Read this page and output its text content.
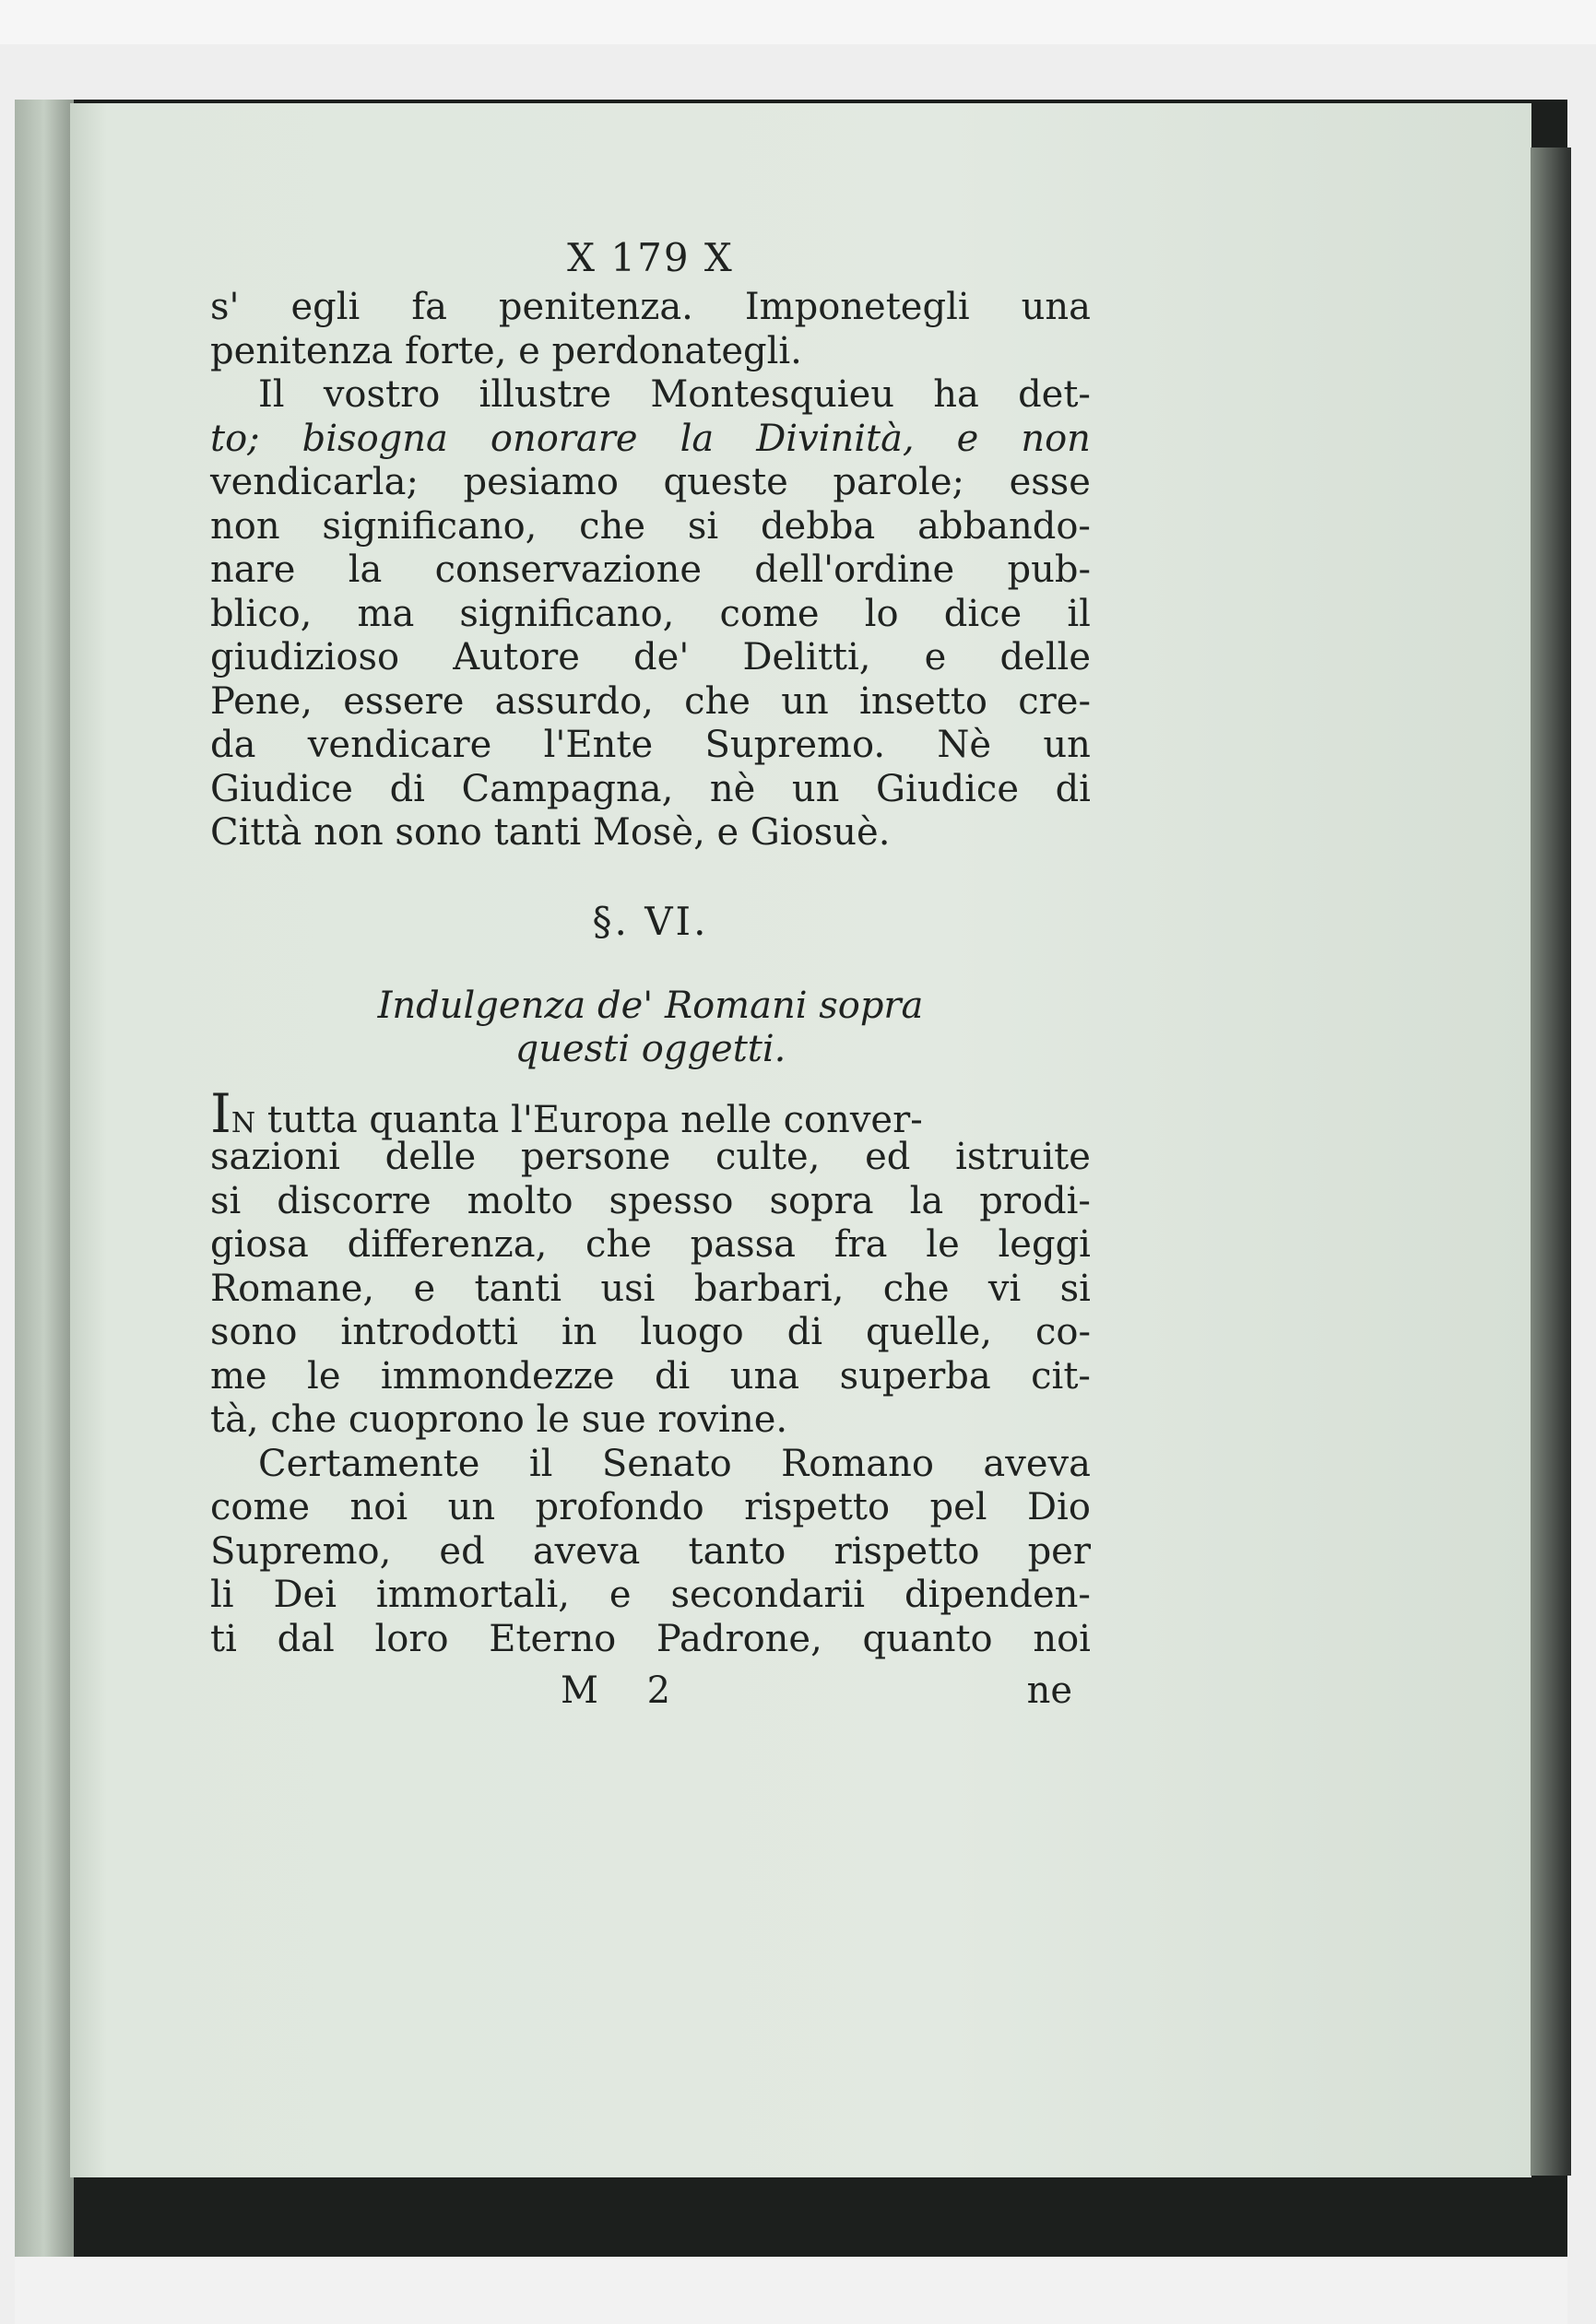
X 179 X
s' egli fa penitenza. Imponetegli una
penitenza forte, e perdonategli.
Il vostro illustre Montesquieu ha det-
to; bisogna onorare la Divinità, e non
vendicarla; pesiamo queste parole; esse
non significano, che si debba abbando-
nare la conservazione dell'ordine pub-
blico, ma significano, come lo dice il
giudizioso Autore de' Delitti, e delle
Pene, essere assurdo, che un insetto cre-
da vendicare l'Ente Supremo. Nè un
Giudice di Campagna, nè un Giudice di
Città non sono tanti Mosè, e Giosuè.
§. VI.
Indulgenza de' Romani sopra
questi oggetti.
IN tutta quanta l'Europa nelle conver-
sazioni delle persone culte, ed istruite
si discorre molto spesso sopra la prodi-
giosa differenza, che passa fra le leggi
Romane, e tanti usi barbari, che vi si
sono introdotti in luogo di quelle, co-
me le immondezze di una superba cit-
tà, che cuoprono le sue rovine.
Certamente il Senato Romano aveva
come noi un profondo rispetto pel Dio
Supremo, ed aveva tanto rispetto per
li Dei immortali, e secondarii dipenden-
ti dal loro Eterno Padrone, quanto noi
M 2	ne
